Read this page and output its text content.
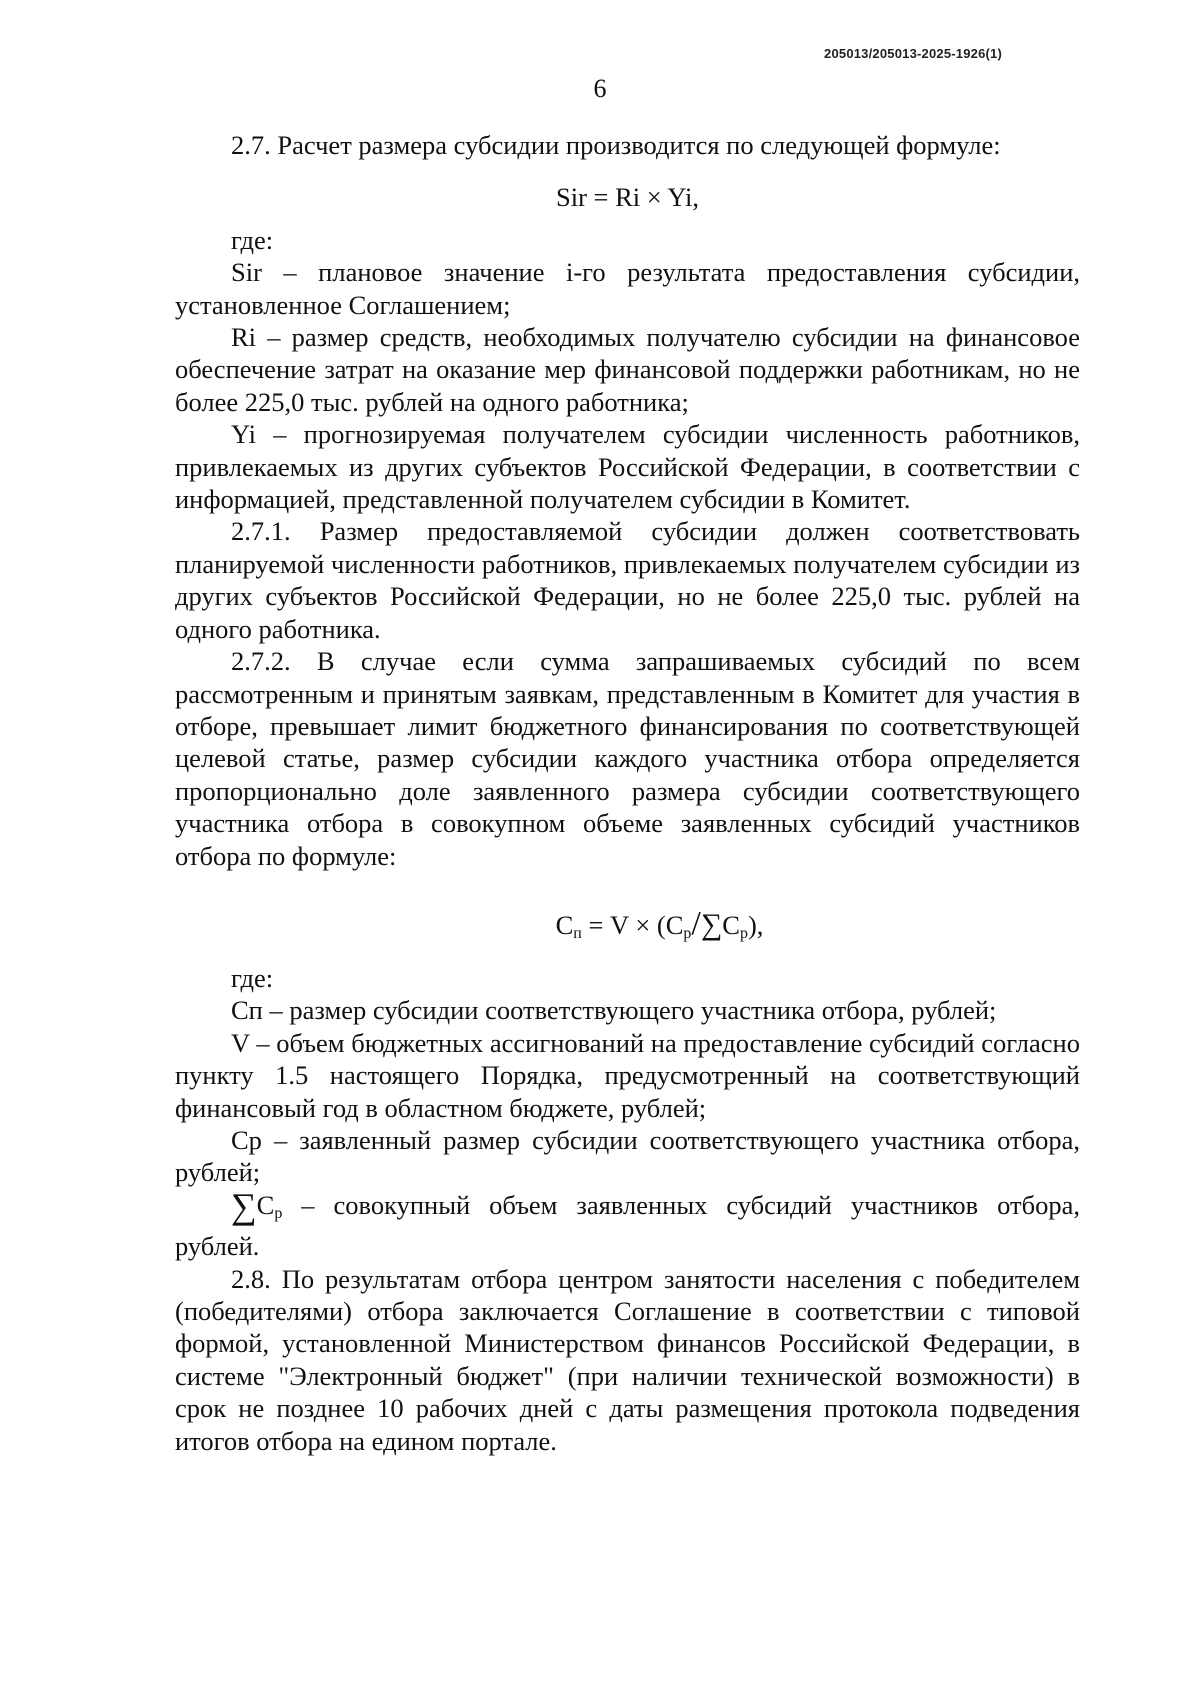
205013/205013-2025-1926(1)
6

2.7. Расчет размера субсидии производится по следующей формуле:

Sir = Ri × Yi,

где:

Sir – плановое значение i-го результата предоставления субсидии, установленное Соглашением;

Ri – размер средств, необходимых получателю субсидии на финансовое обеспечение затрат на оказание мер финансовой поддержки работникам, но не более 225,0 тыс. рублей на одного работника;

Yi – прогнозируемая получателем субсидии численность работников, привлекаемых из других субъектов Российской Федерации, в соответствии с информацией, представленной получателем субсидии в Комитет.

2.7.1. Размер предоставляемой субсидии должен соответствовать планируемой численности работников, привлекаемых получателем субсидии из других субъектов Российской Федерации, но не более 225,0 тыс. рублей на одного работника.

2.7.2. В случае если сумма запрашиваемых субсидий по всем рассмотренным и принятым заявкам, представленным в Комитет для участия в отборе, превышает лимит бюджетного финансирования по соответствующей целевой статье, размер субсидии каждого участника отбора определяется пропорционально доле заявленного размера субсидии соответствующего участника отбора в совокупном объеме заявленных субсидий участников отбора по формуле:

$C_п = V \times (C_p/\sum C_p)$,

где:

Cп – размер субсидии соответствующего участника отбора, рублей;

V – объем бюджетных ассигнований на предоставление субсидий согласно пункту 1.5 настоящего Порядка, предусмотренный на соответствующий финансовый год в областном бюджете, рублей;

Cр – заявленный размер субсидии соответствующего участника отбора, рублей;

$\sum C_р$ – совокупный объем заявленных субсидий участников отбора, рублей.

2.8. По результатам отбора центром занятости населения с победителем (победителями) отбора заключается Соглашение в соответствии с типовой формой, установленной Министерством финансов Российской Федерации, в системе "Электронный бюджет" (при наличии технической возможности) в срок не позднее 10 рабочих дней с даты размещения протокола подведения итогов отбора на едином портале.
